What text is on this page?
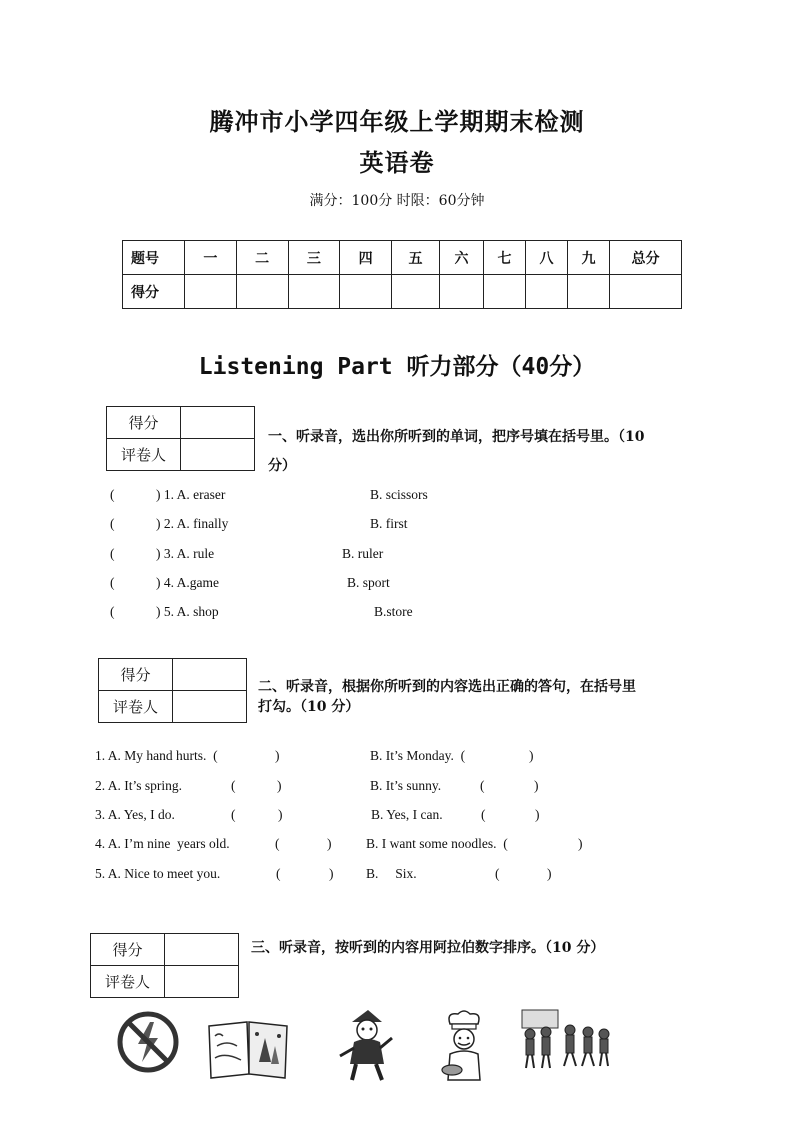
腾冲市小学四年级上学期期末检测
英语卷
满分：100分 时限：60分钟
题号	一	二	三	四	五	六	七	八	九	总分
得分										
Listening Part 听力部分（40分）
得分	
评卷人	
一、听录音，选出你所听到的单词，把序号填在括号里。（10
分）
(	) 1. A. eraser	B. scissors
(	) 2. A. finally	B. first
(	) 3. A. rule	B. ruler
(	) 4. A.game	B. sport
(	) 5. A. shop	B.store
得分	
评卷人	
二、听录音，根据你所听到的内容选出正确的答句，在括号里
打勾。（10 分）
1. A. My hand hurts.  (	)	B. It’s Monday.  (	)
2. A. It’s spring.	(	)	B. It’s sunny.	(	)
3. A. Yes, I do.	(	)	B. Yes, I can.	(	)
4. A. I’m nine  years old.	(	)	B. I want some noodles.  (	)
5. A. Nice to meet you.	(	) B.     Six.	(	)
得分	
评卷人	
三、听录音，按听到的内容用阿拉伯数字排序。（10 分）
